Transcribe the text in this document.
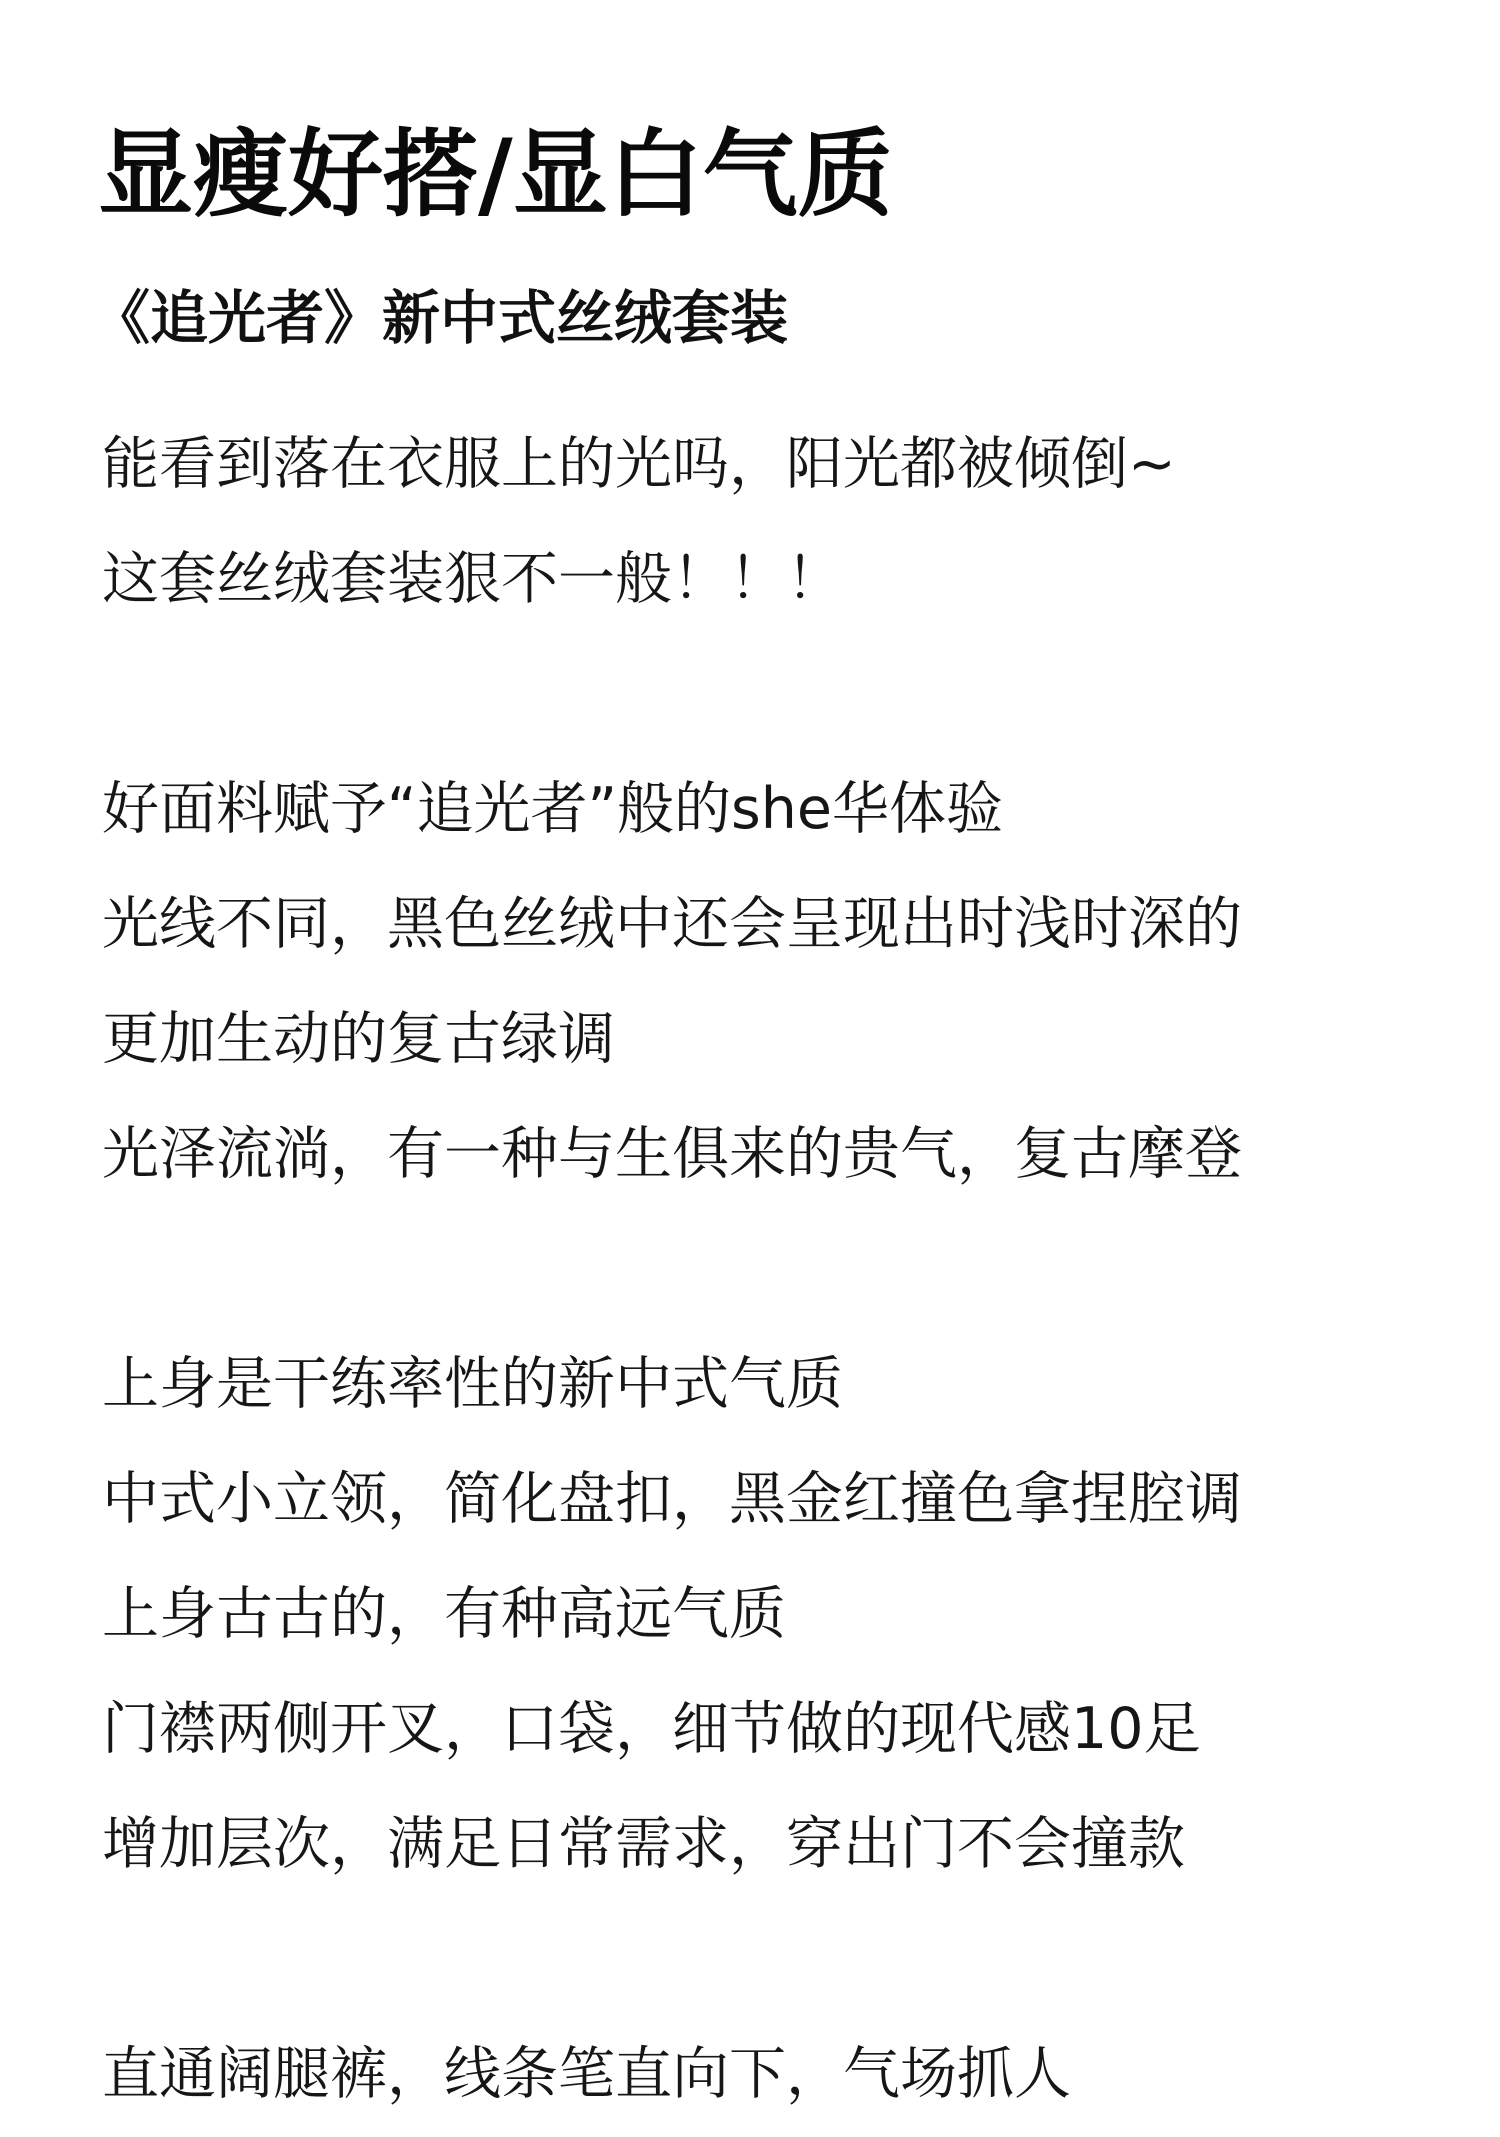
显瘦好搭/显白气质
《追光者》新中式丝绒套装
能看到落在衣服上的光吗，阳光都被倾倒~
这套丝绒套装狠不一般！！！
好面料赋予“追光者”般的she华体验
光线不同，黑色丝绒中还会呈现出时浅时深的
更加生动的复古绿调
光泽流淌，有一种与生俱来的贵气，复古摩登
上身是干练率性的新中式气质
中式小立领，简化盘扣，黑金红撞色拿捏腔调
上身古古的，有种高远气质
门襟两侧开叉，口袋，细节做的现代感10足
增加层次，满足日常需求，穿出门不会撞款
直通阔腿裤，线条笔直向下，气场抓人
